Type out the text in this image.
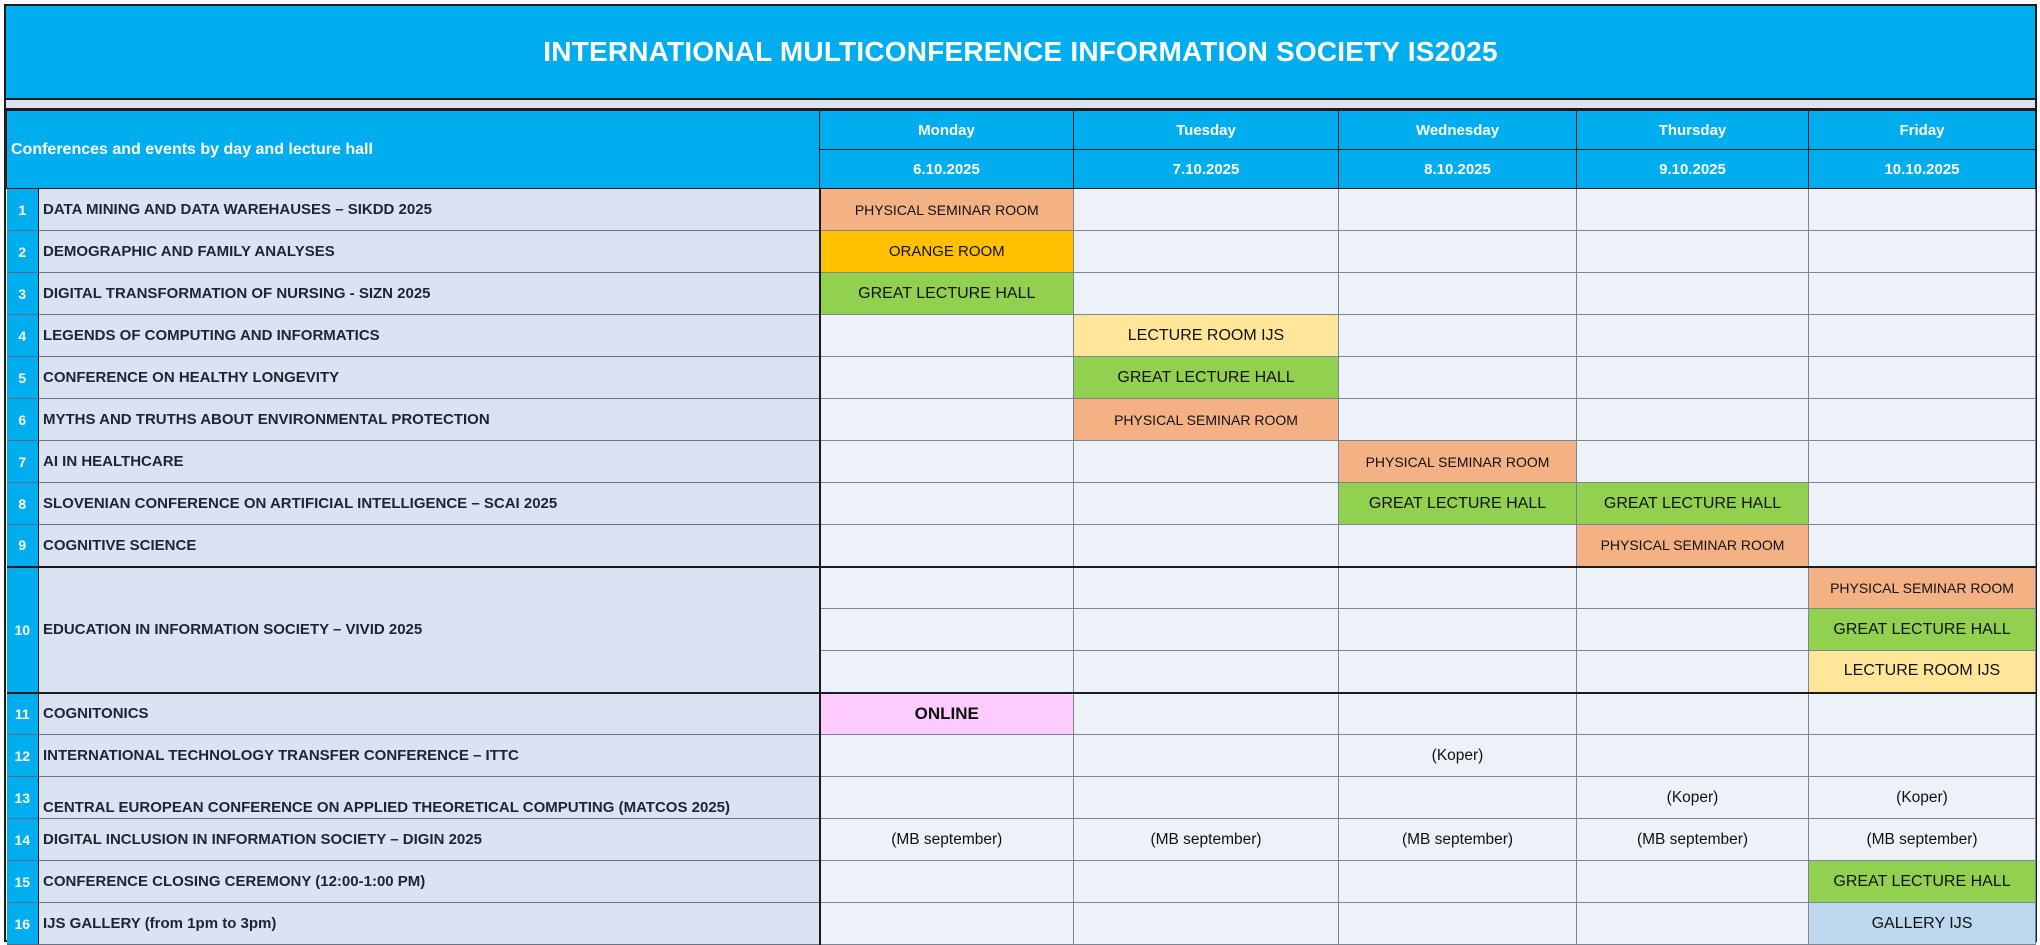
INTERNATIONAL MULTICONFERENCE INFORMATION SOCIETY IS2025
Conferences and events by day and lecture hall		Monday	Tuesday	Wednesday	Thursday	Friday
		6.10.2025	7.10.2025	8.10.2025	9.10.2025	10.10.2025
1	DATA MINING AND DATA WAREHAUSES – SIKDD 2025	PHYSICAL SEMINAR ROOM				
2	DEMOGRAPHIC AND FAMILY ANALYSES	ORANGE ROOM				
3	DIGITAL TRANSFORMATION OF NURSING - SIZN 2025	GREAT LECTURE HALL				
4	LEGENDS OF COMPUTING AND INFORMATICS		LECTURE ROOM IJS			
5	CONFERENCE ON HEALTHY LONGEVITY		GREAT LECTURE HALL			
6	MYTHS AND TRUTHS ABOUT ENVIRONMENTAL PROTECTION		PHYSICAL SEMINAR ROOM			
7	AI IN HEALTHCARE			PHYSICAL SEMINAR ROOM		
8	SLOVENIAN CONFERENCE ON ARTIFICIAL INTELLIGENCE – SCAI 2025			GREAT LECTURE HALL	GREAT LECTURE HALL	
9	COGNITIVE SCIENCE				PHYSICAL SEMINAR ROOM	
10	EDUCATION IN INFORMATION SOCIETY – VIVID 2025					PHYSICAL SEMINAR ROOM
						GREAT LECTURE HALL
						LECTURE ROOM IJS
11	COGNITONICS	ONLINE				
12	INTERNATIONAL TECHNOLOGY TRANSFER CONFERENCE – ITTC			(Koper)		
13	CENTRAL EUROPEAN CONFERENCE ON APPLIED THEORETICAL COMPUTING (MATCOS 2025)				(Koper)	(Koper)
14	DIGITAL INCLUSION IN INFORMATION SOCIETY – DIGIN 2025	(MB september)	(MB september)	(MB september)	(MB september)	(MB september)
15	CONFERENCE CLOSING CEREMONY (12:00-1:00 PM)					GREAT LECTURE HALL
16	IJS GALLERY (from 1pm to 3pm)					GALLERY IJS
